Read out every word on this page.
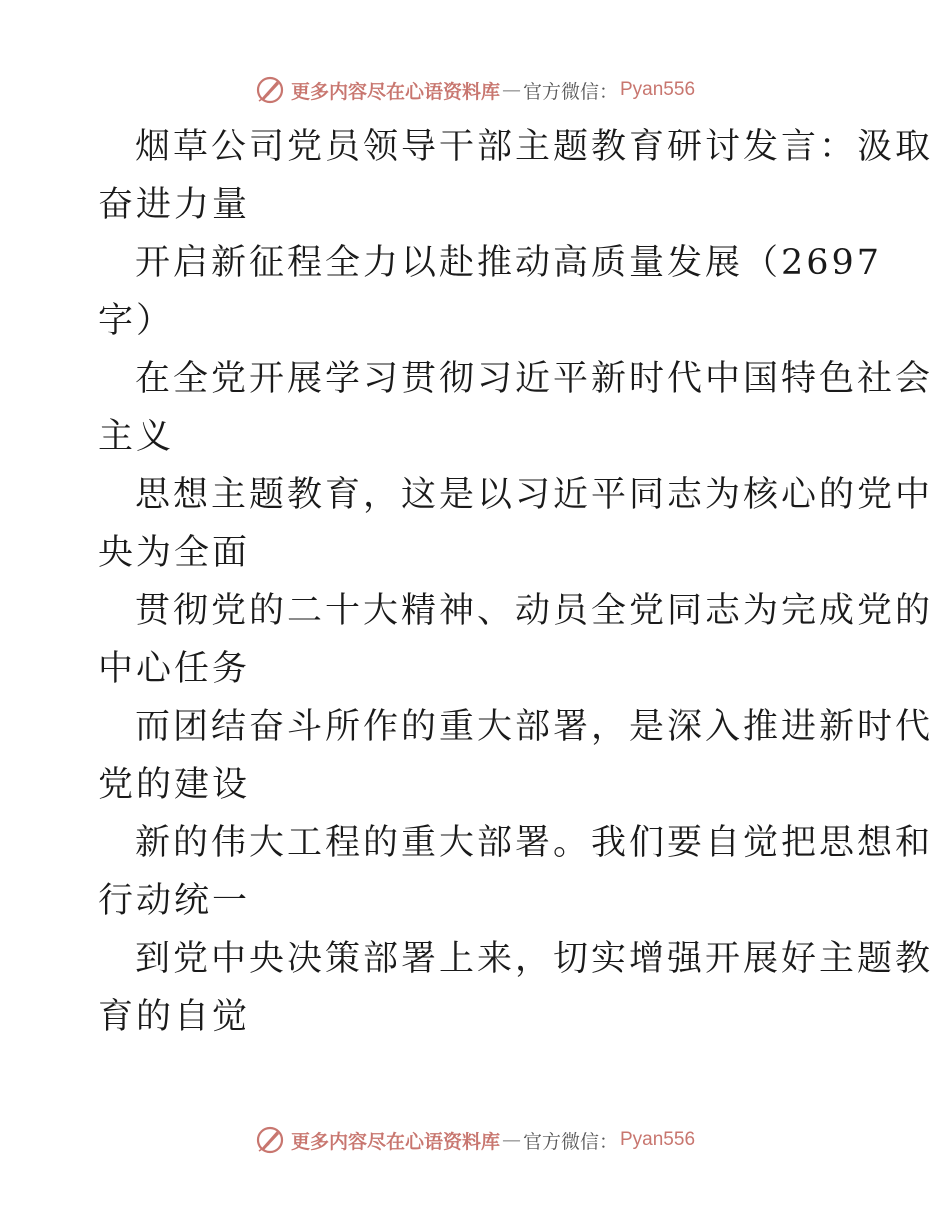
更多内容尽在心语资料库 — 官方微信： Pyan556
烟草公司党员领导干部主题教育研讨发言：汲取
奋进力量
开启新征程全力以赴推动高质量发展（2697
字）
在全党开展学习贯彻习近平新时代中国特色社会
主义
思想主题教育，这是以习近平同志为核心的党中
央为全面
贯彻党的二十大精神、动员全党同志为完成党的
中心任务
而团结奋斗所作的重大部署，是深入推进新时代
党的建设
新的伟大工程的重大部署。我们要自觉把思想和
行动统一
到党中央决策部署上来，切实增强开展好主题教
育的自觉
更多内容尽在心语资料库 — 官方微信： Pyan556
